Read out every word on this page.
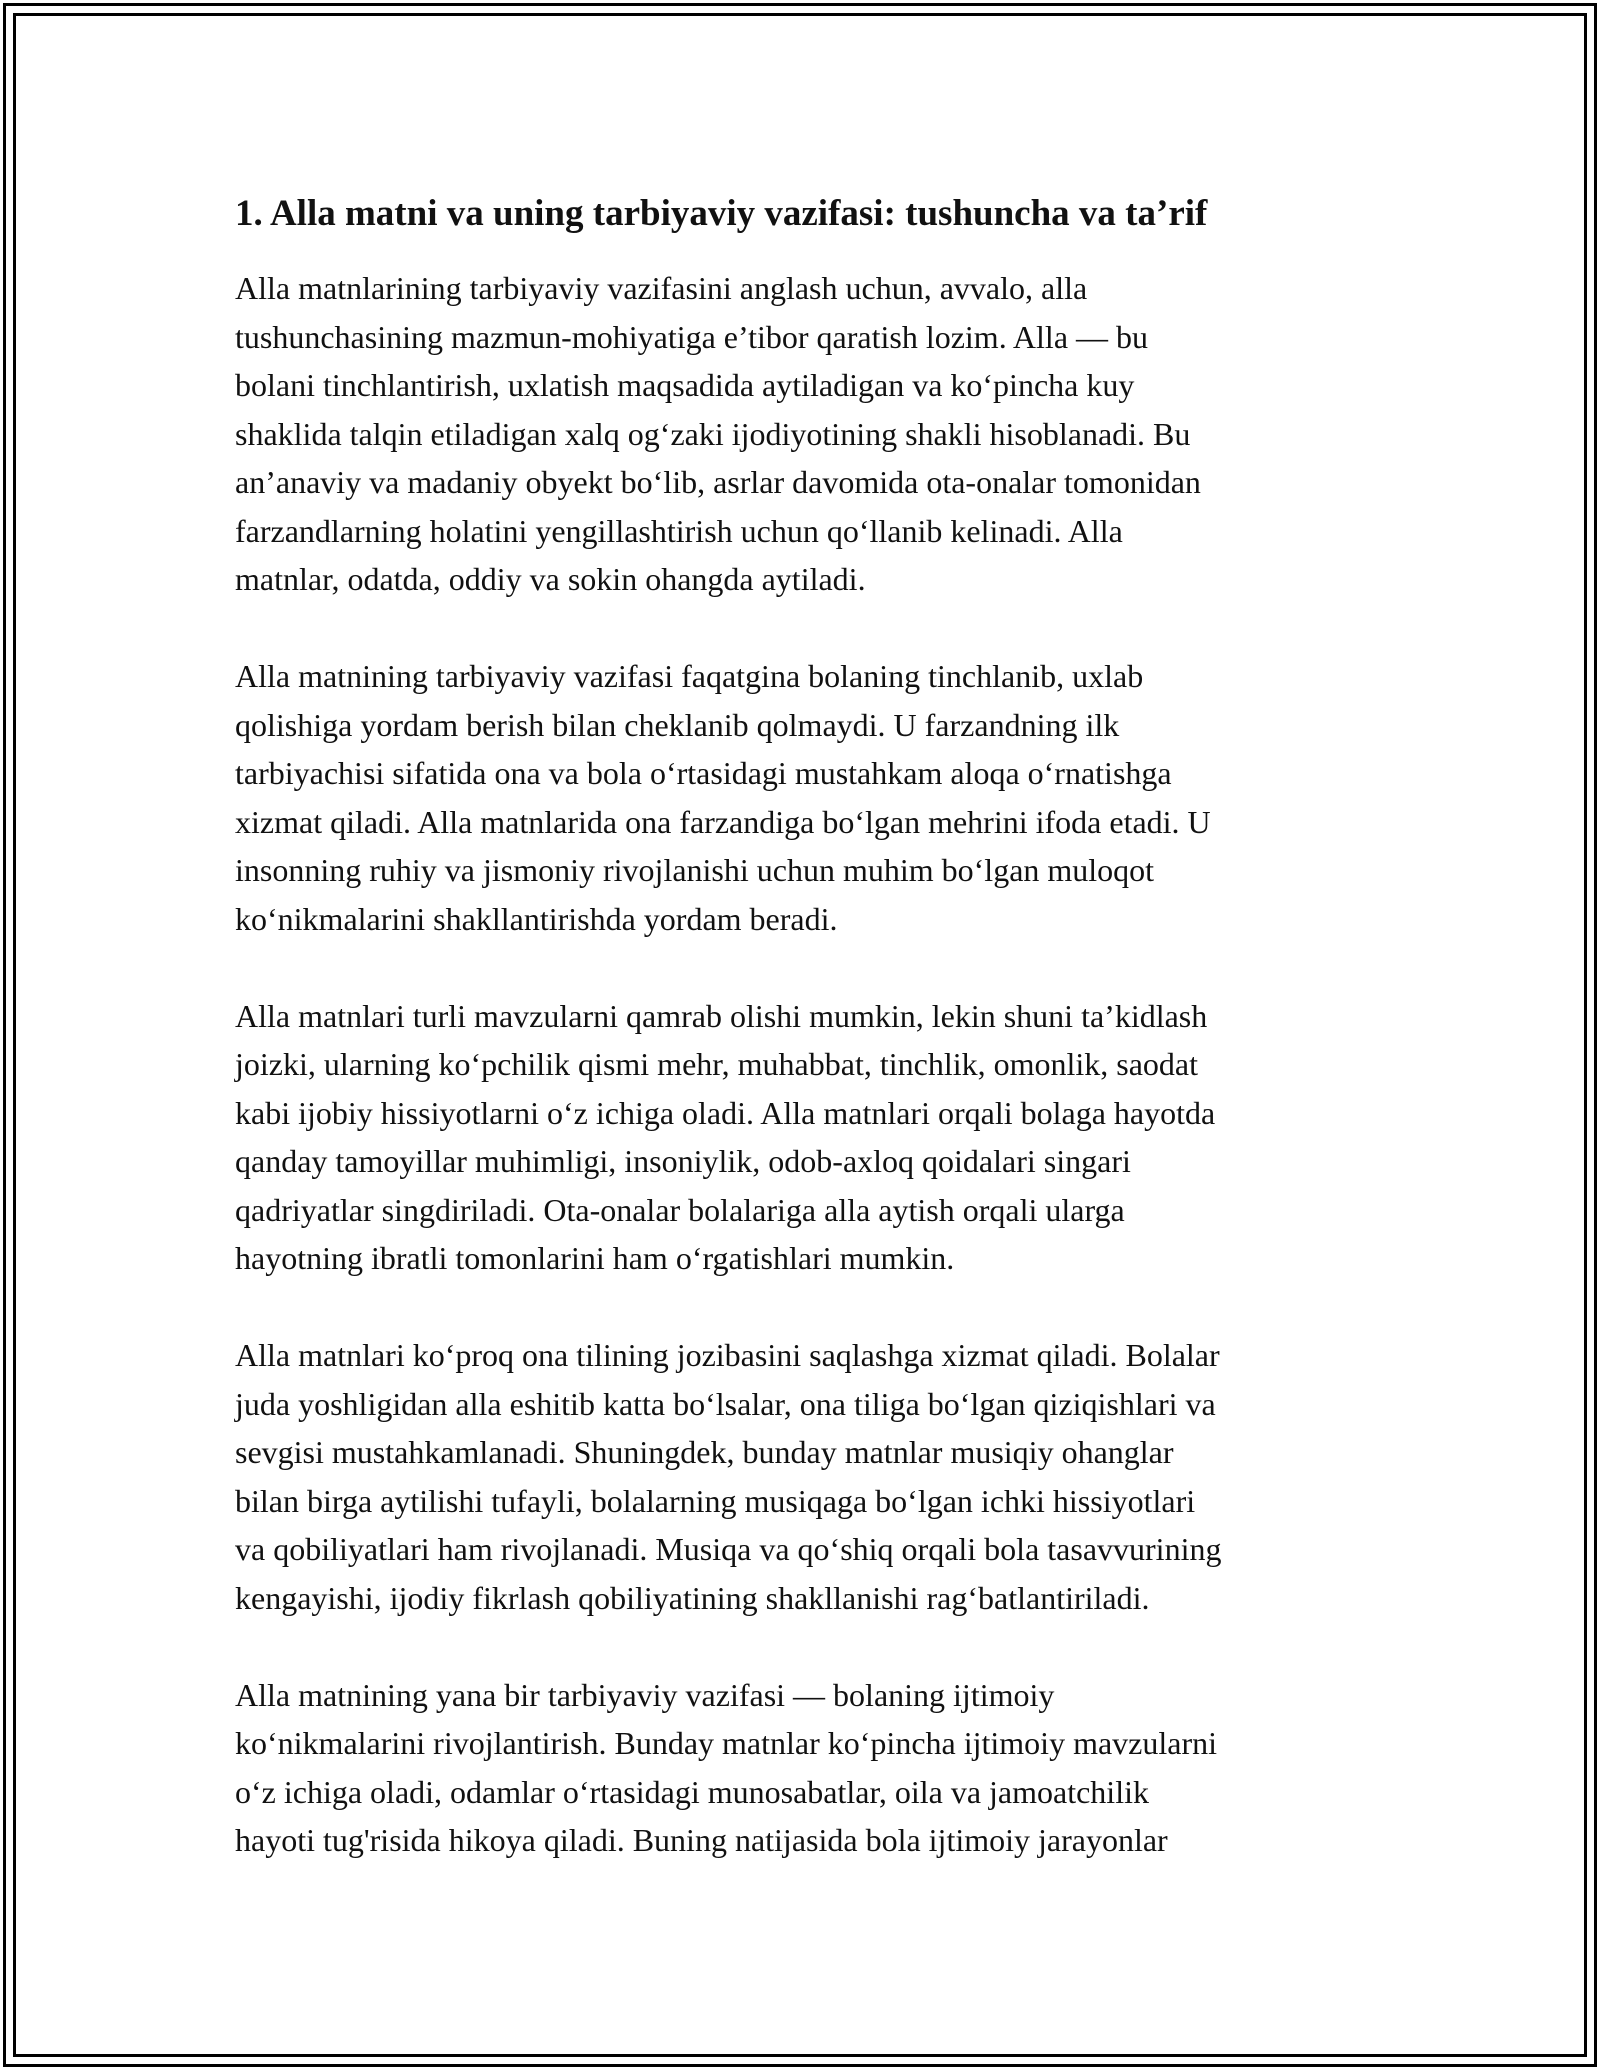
1. Alla matni va uning tarbiyaviy vazifasi: tushuncha va ta’rif

Alla matnlarining tarbiyaviy vazifasini anglash uchun, avvalo, alla
tushunchasining mazmun-mohiyatiga e’tibor qaratish lozim. Alla — bu
bolani tinchlantirish, uxlatish maqsadida aytiladigan va ko‘pincha kuy
shaklida talqin etiladigan xalq og‘zaki ijodiyotining shakli hisoblanadi. Bu
an’anaviy va madaniy obyekt bo‘lib, asrlar davomida ota-onalar tomonidan
farzandlarning holatini yengillashtirish uchun qo‘llanib kelinadi. Alla
matnlar, odatda, oddiy va sokin ohangda aytiladi.

Alla matnining tarbiyaviy vazifasi faqatgina bolaning tinchlanib, uxlab
qolishiga yordam berish bilan cheklanib qolmaydi. U farzandning ilk
tarbiyachisi sifatida ona va bola o‘rtasidagi mustahkam aloqa o‘rnatishga
xizmat qiladi. Alla matnlarida ona farzandiga bo‘lgan mehrini ifoda etadi. U
insonning ruhiy va jismoniy rivojlanishi uchun muhim bo‘lgan muloqot
ko‘nikmalarini shakllantirishda yordam beradi.

Alla matnlari turli mavzularni qamrab olishi mumkin, lekin shuni ta’kidlash
joizki, ularning ko‘pchilik qismi mehr, muhabbat, tinchlik, omonlik, saodat
kabi ijobiy hissiyotlarni o‘z ichiga oladi. Alla matnlari orqali bolaga hayotda
qanday tamoyillar muhimligi, insoniylik, odob-axloq qoidalari singari
qadriyatlar singdiriladi. Ota-onalar bolalariga alla aytish orqali ularga
hayotning ibratli tomonlarini ham o‘rgatishlari mumkin.

Alla matnlari ko‘proq ona tilining jozibasini saqlashga xizmat qiladi. Bolalar
juda yoshligidan alla eshitib katta bo‘lsalar, ona tiliga bo‘lgan qiziqishlari va
sevgisi mustahkamlanadi. Shuningdek, bunday matnlar musiqiy ohanglar
bilan birga aytilishi tufayli, bolalarning musiqaga bo‘lgan ichki hissiyotlari
va qobiliyatlari ham rivojlanadi. Musiqa va qo‘shiq orqali bola tasavvurining
kengayishi, ijodiy fikrlash qobiliyatining shakllanishi rag‘batlantiriladi.

Alla matnining yana bir tarbiyaviy vazifasi — bolaning ijtimoiy
ko‘nikmalarini rivojlantirish. Bunday matnlar ko‘pincha ijtimoiy mavzularni
o‘z ichiga oladi, odamlar o‘rtasidagi munosabatlar, oila va jamoatchilik
hayoti tug'risida hikoya qiladi. Buning natijasida bola ijtimoiy jarayonlar
